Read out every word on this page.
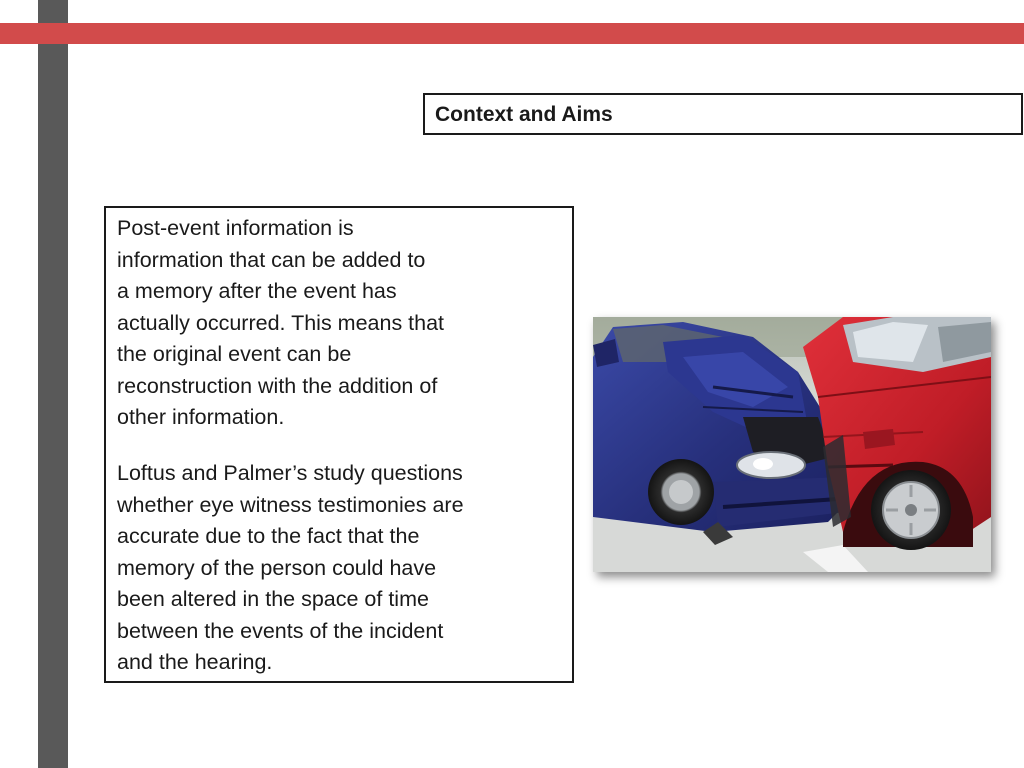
Context and Aims

Post-event information is
information that can be added to
a memory after the event has
actually occurred. This means that
the original event can be
reconstruction with the addition of
other information.

Loftus and Palmer’s study questions
whether eye witness testimonies are
accurate due to the fact that the
memory of the person could have
been altered in the space of time
between the events of the incident
and the hearing.
